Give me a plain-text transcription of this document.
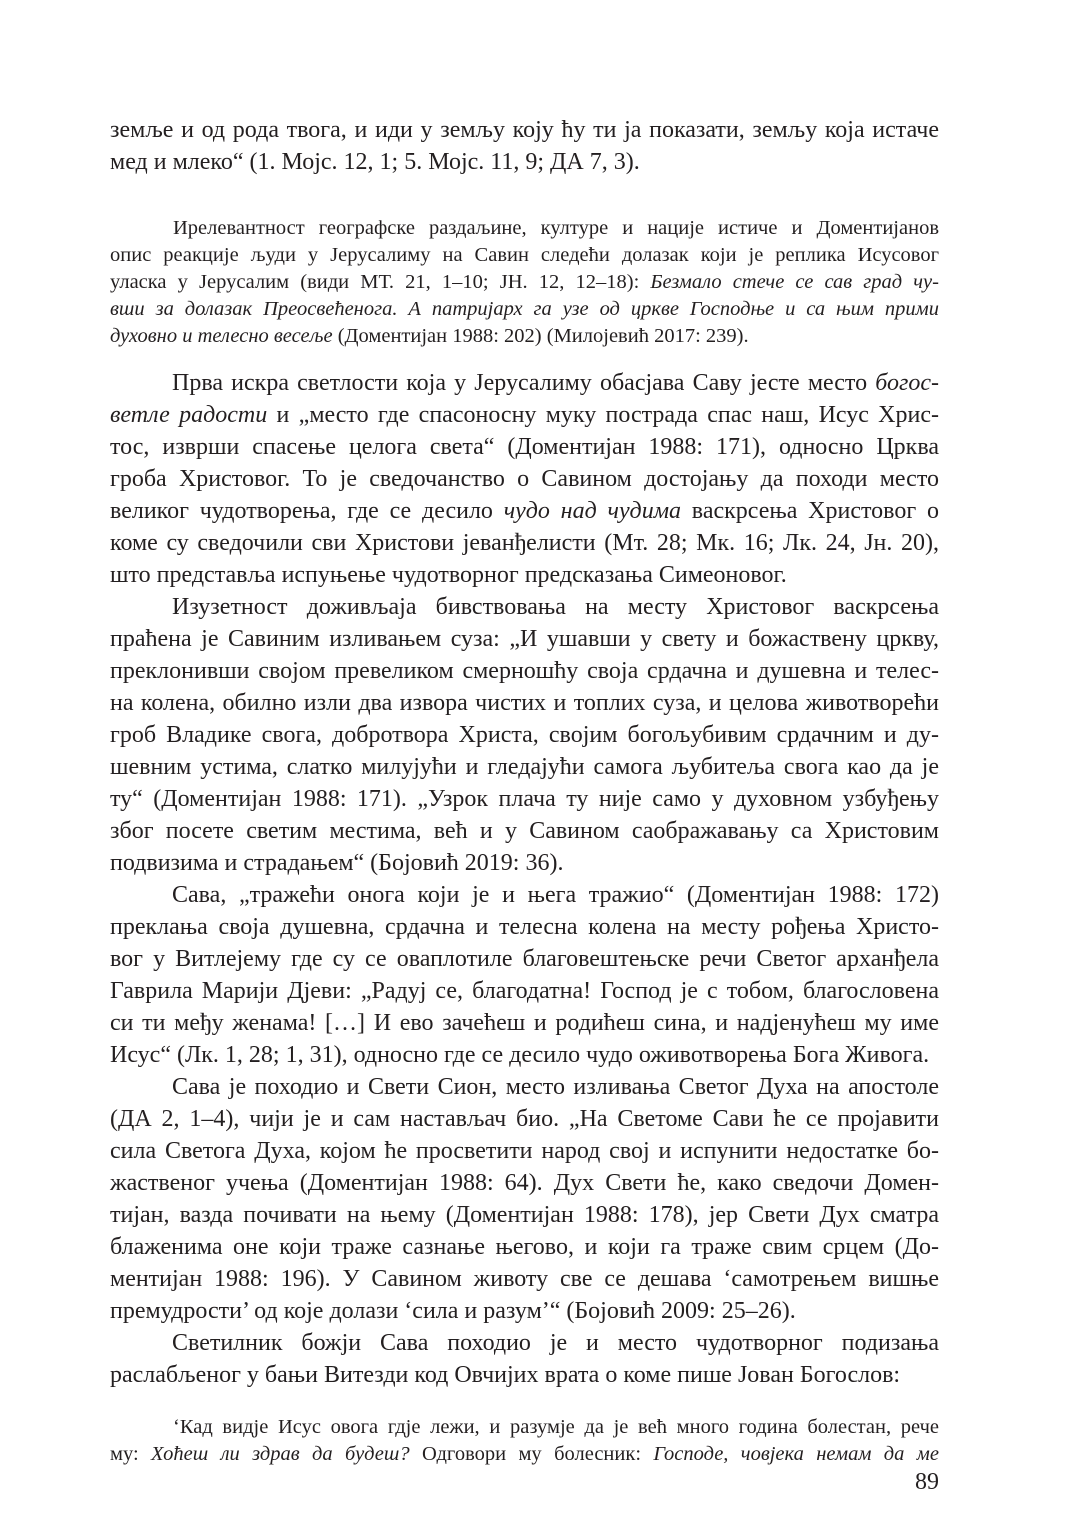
земље и од рода твога, и иди у земљу коју ћу ти ја показати, земљу која истаче
мед и млеко“ (1. Мојс. 12, 1; 5. Мојс. 11, 9; ДА 7, 3).
Ирелевантност географске раздаљине, културе и нације истиче и Доментијанов
опис реакције људи у Јерусалиму на Савин следећи долазак који је реплика Исусовог
уласка у Јерусалим (види МТ. 21, 1–10; ЈН. 12, 12–18): Безмало стече се сав град чу-
вши за долазак Преосвећенога. А патријарх га узе од цркве Господње и са њим прими
духовно и телесно весеље (Доментијан 1988: 202) (Милојевић 2017: 239).
Прва искра светлости која у Јерусалиму обасјава Саву јесте место богос-
ветле радости и „место где спасоносну муку пострада спас наш, Исус Хрис-
тос, изврши спасење целога света“ (Доментијан 1988: 171), односно Црква
гроба Христовог. То је сведочанство о Савином достојању да походи место
великог чудотворења, где се десило чудо над чудима васкрсења Христовог о
коме су сведочили сви Христови јеванђелисти (Мт. 28; Мк. 16; Лк. 24, Јн. 20),
што представља испуњење чудотворног предсказања Симеоновог.
Изузетност доживљаја бивствовања на месту Христовог васкрсења
праћена је Савиним изливањем суза: „И ушавши у свету и божаствену цркву,
преклонивши својом превеликом смерношћу своја срдачна и душевна и телес-
на колена, обилно изли два извора чистих и топлих суза, и целова животворећи
гроб Владике свога, добротвора Христа, својим богољубивим срдачним и ду-
шевним устима, слатко милујући и гледајући самога љубитеља свога као да је
ту“ (Доментијан 1988: 171). „Узрок плача ту није само у духовном узбуђењу
због посете светим местима, већ и у Савином саображавању са Христовим
подвизима и страдањем“ (Бојовић 2019: 36).
Сава, „тражећи онога који је и њега тражио“ (Доментијан 1988: 172)
преклања своја душевна, срдачна и телесна колена на месту рођења Христо-
вог у Витлејему где су се оваплотиле благовештењске речи Светог арханђела
Гаврила Марији Дјеви: „Радуј се, благодатна! Господ је с тобом, благословена
си ти међу женама! […] И ево зачећеш и родићеш сина, и надјенућеш му име
Исус“ (Лк. 1, 28; 1, 31), односно где се десило чудо оживотворења Бога Живога.
Сава је походио и Свети Сион, место изливања Светог Духа на апостоле
(ДА 2, 1–4), чији је и сам настављач био. „На Светоме Сави ће се пројавити
сила Светога Духа, којом ће просветити народ свој и испунити недостатке бо-
жаственог учења (Доментијан 1988: 64). Дух Свети ће, како сведочи Домен-
тијан, вазда почивати на њему (Доментијан 1988: 178), јер Свети Дух сматра
блаженима оне који траже сазнање његово, и који га траже свим срцем (До-
ментијан 1988: 196). У Савином животу све се дешава ‘самотрењем вишње
премудрости’ од које долази ‘сила и разум’“ (Бојовић 2009: 25–26).
Светилник божји Сава походио је и место чудотворног подизања
раслабљеног у бањи Витезди код Овчијих врата о коме пише Јован Богослов:
‘Кад видје Исус овога гдје лежи, и разумје да је већ много година болестан, рече
му: Хоћеш ли здрав да будеш? Одговори му болесник: Господе, човјека немам да ме
89
